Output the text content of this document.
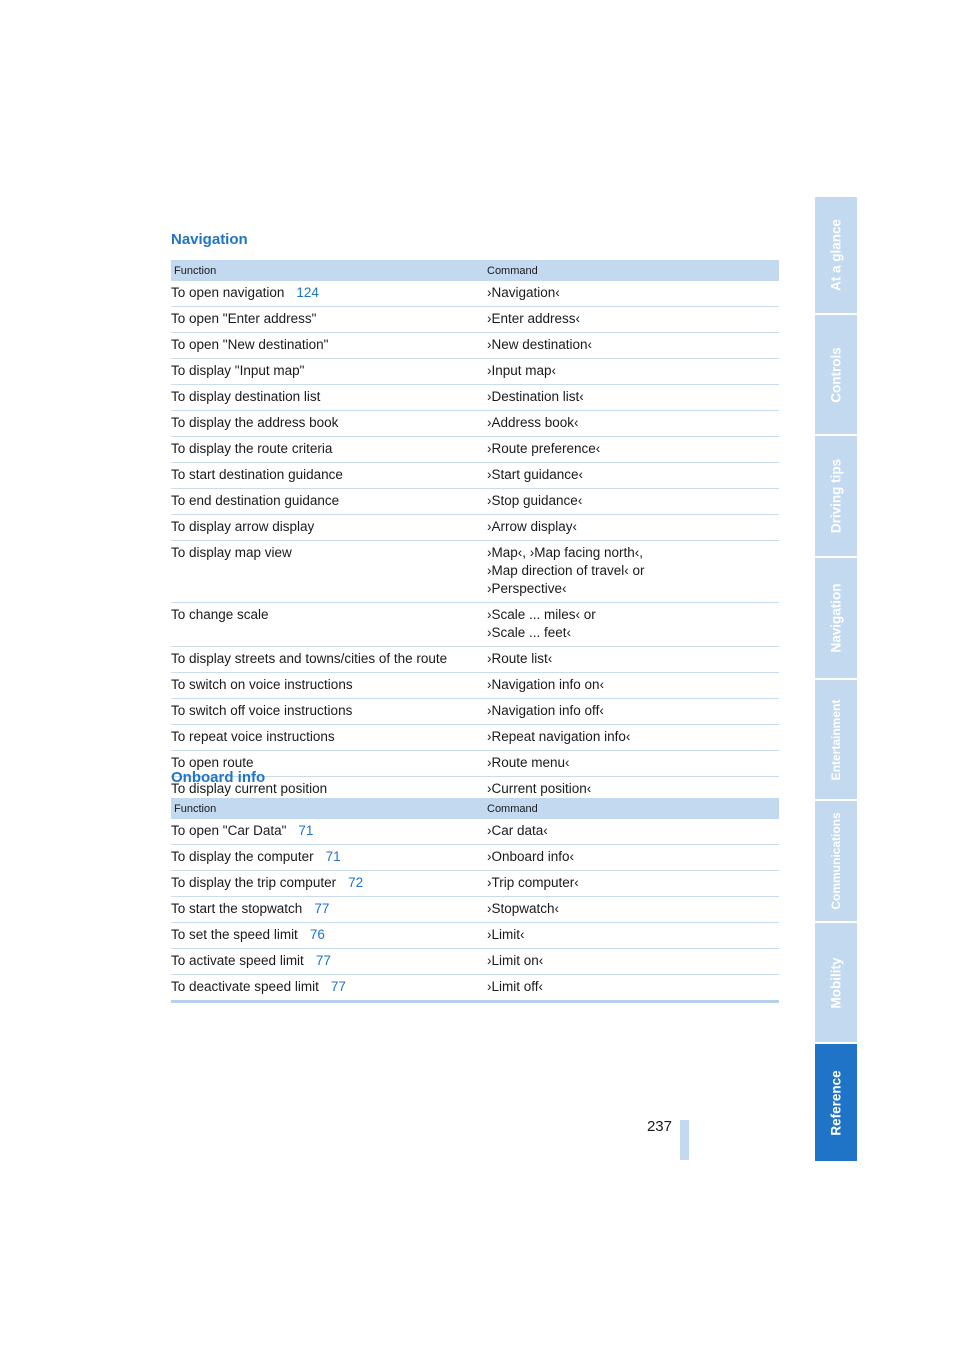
Navigation
Function	Command
To open navigation 124	›Navigation‹

To open "Enter address"	›Enter address‹

To open "New destination"	›New destination‹

To display "Input map"	›Input map‹

To display destination list	›Destination list‹

To display the address book	›Address book‹

To display the route criteria	›Route preference‹

To start destination guidance	›Start guidance‹

To end destination guidance	›Stop guidance‹

To display arrow display	›Arrow display‹

To display map view	›Map‹, ›Map facing north‹,
›Map direction of travel‹ or
›Perspective‹

To change scale	›Scale ... miles‹ or
›Scale ... feet‹

To display streets and towns/cities of the route	›Route list‹

To switch on voice instructions	›Navigation info on‹

To switch off voice instructions	›Navigation info off‹

To repeat voice instructions	›Repeat navigation info‹

To open route	›Route menu‹

To display current position	›Current position‹
Onboard info
Function	Command
To open "Car Data" 71	›Car data‹

To display the computer 71	›Onboard info‹

To display the trip computer 72	›Trip computer‹

To start the stopwatch 77	›Stopwatch‹

To set the speed limit 76	›Limit‹

To activate speed limit 77	›Limit on‹

To deactivate speed limit 77	›Limit off‹
At a glance
Controls
Driving tips
Navigation
Entertainment
Communications
Mobility
Reference
237
